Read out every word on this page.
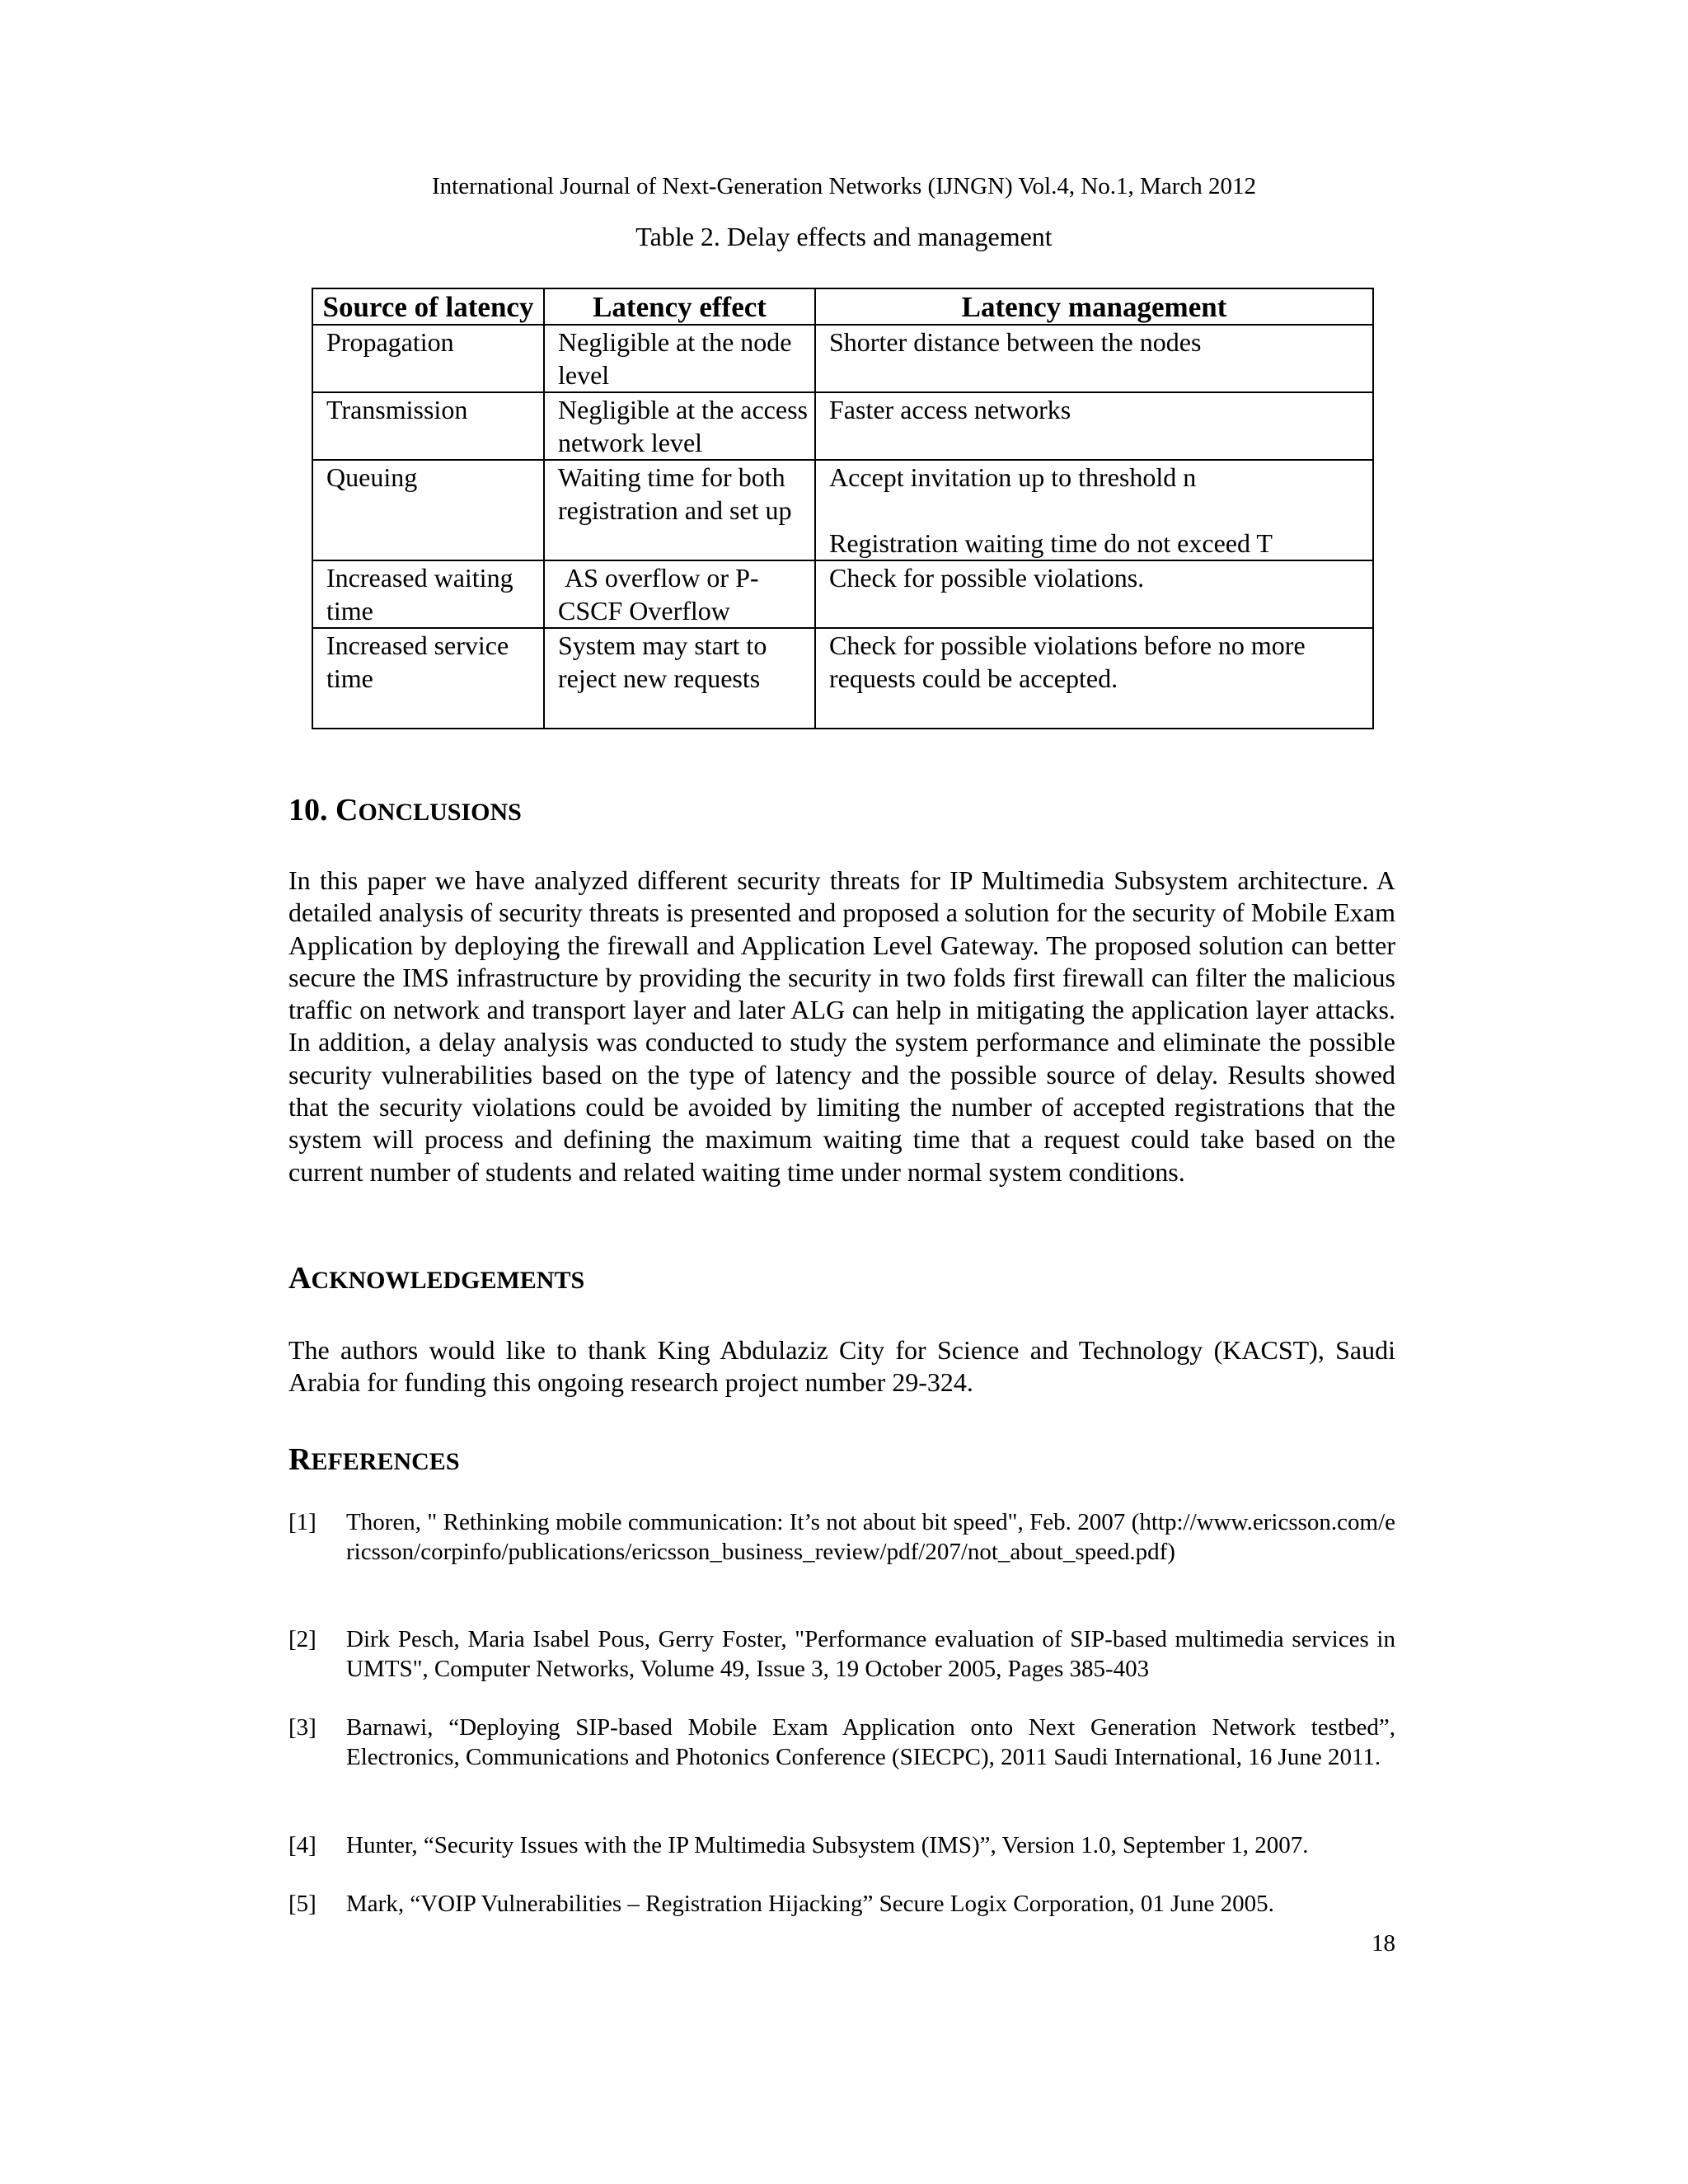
International Journal of Next-Generation Networks (IJNGN) Vol.4, No.1, March 2012
Table 2. Delay effects and management
Source of latency	Latency effect	Latency management
Propagation	Negligible at the node level	Shorter distance between the nodes

Transmission	Negligible at the access network level	Faster access networks

Queuing	Waiting time for both registration and set up	Accept invitation up to threshold n
Registration waiting time do not exceed T

Increased waiting time	AS overflow or P-CSCF Overflow	Check for possible violations.

Increased service time	System may start to reject new requests	Check for possible violations before no more requests could be accepted.
10. CONCLUSIONS

In this paper we have analyzed different security threats for IP Multimedia Subsystem architecture. A detailed analysis of security threats is presented and proposed a solution for the security of Mobile Exam Application by deploying the firewall and Application Level Gateway. The proposed solution can better secure the IMS infrastructure by providing the security in two folds first firewall can filter the malicious traffic on network and transport layer and later ALG can help in mitigating the application layer attacks. In addition, a delay analysis was conducted to study the system performance and eliminate the possible security vulnerabilities based on the type of latency and the possible source of delay. Results showed that the security violations could be avoided by limiting the number of accepted registrations that the system will process and defining the maximum waiting time that a request could take based on the current number of students and related waiting time under normal system conditions.

ACKNOWLEDGEMENTS

The authors would like to thank King Abdulaziz City for Science and Technology (KACST), Saudi Arabia for funding this ongoing research project number 29-324.

REFERENCES
[1] Thoren, " Rethinking mobile communication: It’s not about bit speed", Feb. 2007 (http://www.ericsson.com/ericsson/corpinfo/publications/ericsson_business_review/pdf/207/not_about_speed.pdf)
[2] Dirk Pesch, Maria Isabel Pous, Gerry Foster, "Performance evaluation of SIP-based multimedia services in UMTS", Computer Networks, Volume 49, Issue 3, 19 October 2005, Pages 385-403
[3] Barnawi, “Deploying SIP-based Mobile Exam Application onto Next Generation Network testbed”, Electronics, Communications and Photonics Conference (SIECPC), 2011 Saudi International, 16 June 2011.
[4] Hunter, “Security Issues with the IP Multimedia Subsystem (IMS)”, Version 1.0, September 1, 2007.
[5] Mark, “VOIP Vulnerabilities – Registration Hijacking” Secure Logix Corporation, 01 June 2005.
18
